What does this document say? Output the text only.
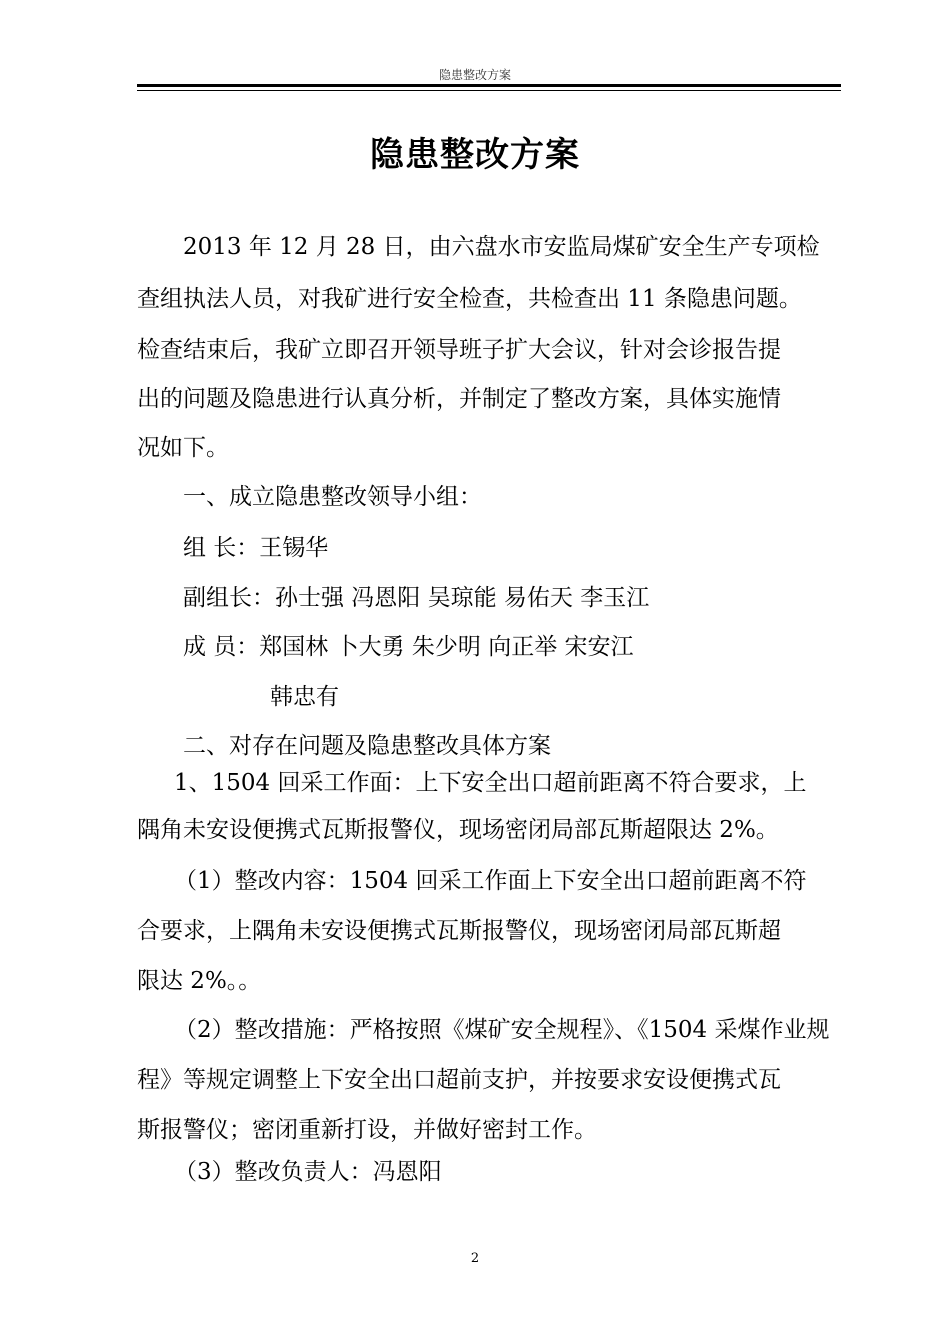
隐患整改方案
隐患整改方案
2013 年 12 月 28 日，由六盘水市安监局煤矿安全生产专项检
查组执法人员，对我矿进行安全检查，共检查出 11 条隐患问题。
检查结束后，我矿立即召开领导班子扩大会议，针对会诊报告提
出的问题及隐患进行认真分析，并制定了整改方案，具体实施情
况如下。
一、成立隐患整改领导小组：
组 长：王锡华
副组长：孙士强 冯恩阳 吴琼能 易佑天 李玉江
成 员：郑国林 卜大勇 朱少明 向正举 宋安江
韩忠有
二、对存在问题及隐患整改具体方案
1、1504 回采工作面：上下安全出口超前距离不符合要求，上
隅角未安设便携式瓦斯报警仪，现场密闭局部瓦斯超限达 2%。
（1）整改内容：1504 回采工作面上下安全出口超前距离不符
合要求，上隅角未安设便携式瓦斯报警仪，现场密闭局部瓦斯超
限达 2%。。
（2）整改措施：严格按照《煤矿安全规程》、《1504 采煤作业规
程》等规定调整上下安全出口超前支护，并按要求安设便携式瓦
斯报警仪；密闭重新打设，并做好密封工作。
（3）整改负责人：冯恩阳
2
